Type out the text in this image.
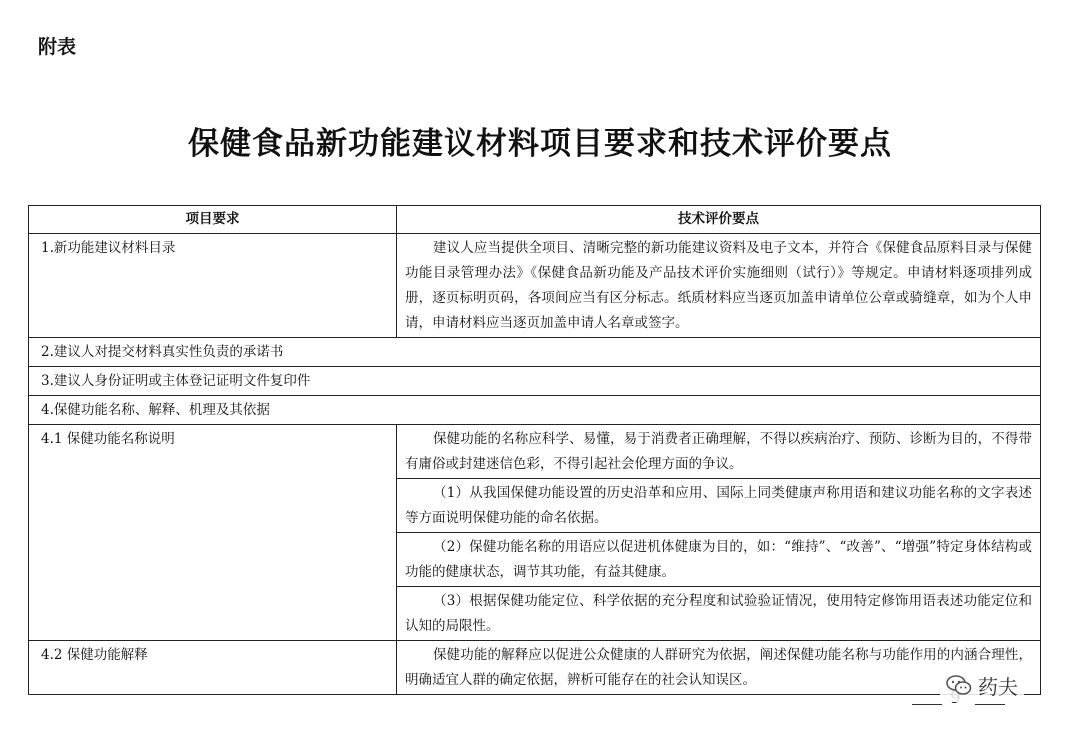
附表
保健食品新功能建议材料项目要求和技术评价要点
项目要求	技术评价要点
1.新功能建议材料目录	建议人应当提供全项目、清晰完整的新功能建议资料及电子文本，并符合《保健食品原料目录与保健功能目录管理办法》《保健食品新功能及产品技术评价实施细则（试行）》等规定。申请材料逐项排列成册，逐页标明页码，各项间应当有区分标志。纸质材料应当逐页加盖申请单位公章或骑缝章，如为个人申请，申请材料应当逐页加盖申请人名章或签字。
2.建议人对提交材料真实性负责的承诺书	
3.建议人身份证明或主体登记证明文件复印件	
4.保健功能名称、解释、机理及其依据	
4.1 保健功能名称说明	保健功能的名称应科学、易懂，易于消费者正确理解，不得以疾病治疗、预防、诊断为目的，不得带有庸俗或封建迷信色彩，不得引起社会伦理方面的争议。
	（1）从我国保健功能设置的历史沿革和应用、国际上同类健康声称用语和建议功能名称的文字表述等方面说明保健功能的命名依据。
	（2）保健功能名称的用语应以促进机体健康为目的，如：“维持”、“改善”、“增强”特定身体结构或功能的健康状态，调节其功能，有益其健康。
	（3）根据保健功能定位、科学依据的充分程度和试验验证情况，使用特定修饰用语表述功能定位和认知的局限性。
4.2 保健功能解释	保健功能的解释应以促进公众健康的人群研究为依据，阐述保健功能名称与功能作用的内涵合理性，明确适宜人群的确定依据，辨析可能存在的社会认知误区。	药夫
